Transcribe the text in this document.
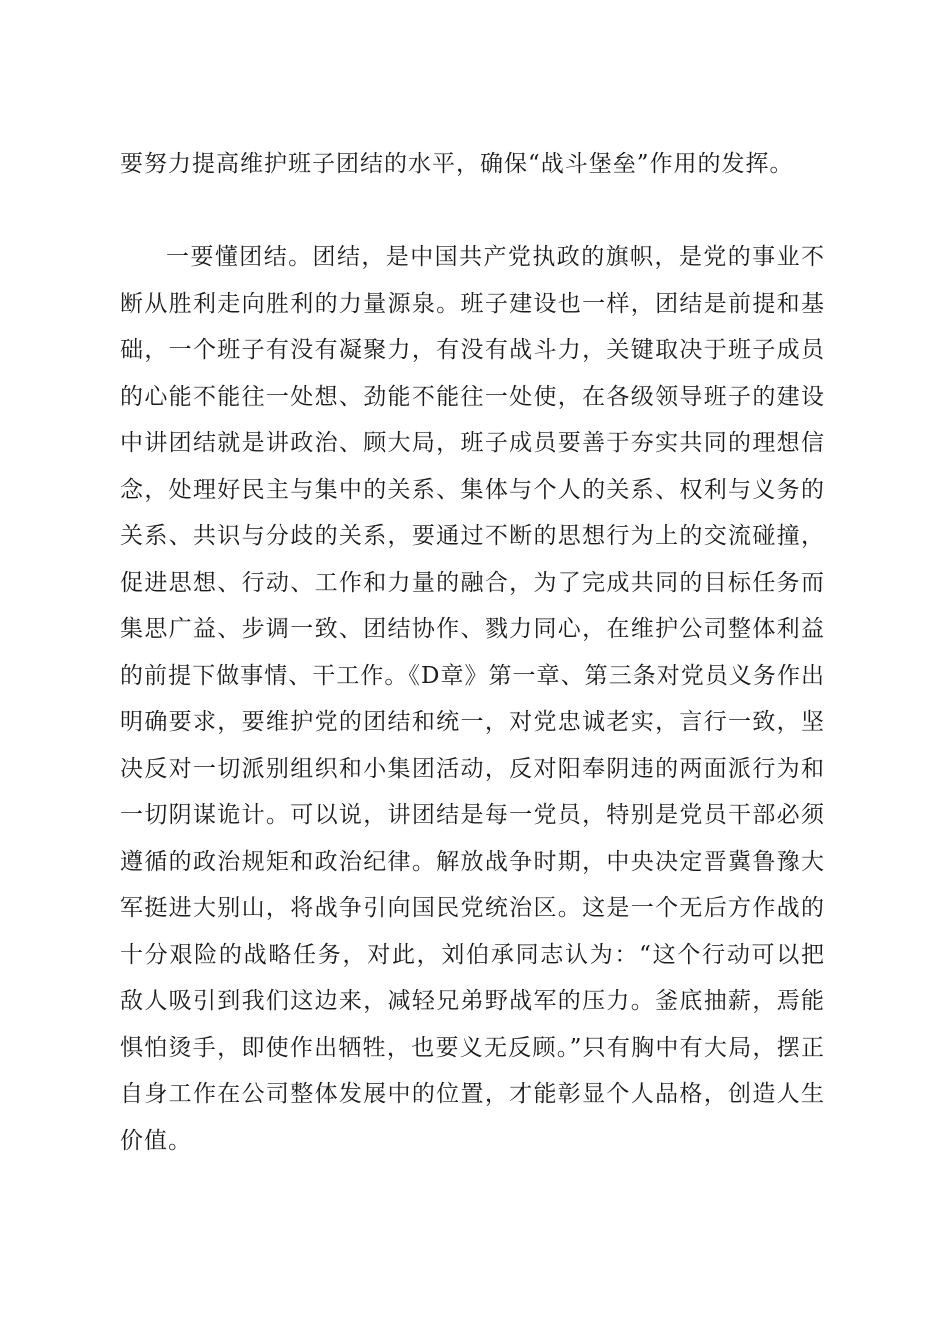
要努力提高维护班子团结的水平，确保“战斗堡垒”作用的发挥。

一要懂团结。团结，是中国共产党执政的旗帜，是党的事业不断从胜利走向胜利的力量源泉。班子建设也一样，团结是前提和基础，一个班子有没有凝聚力，有没有战斗力，关键取决于班子成员的心能不能往一处想、劲能不能往一处使，在各级领导班子的建设中讲团结就是讲政治、顾大局，班子成员要善于夯实共同的理想信念，处理好民主与集中的关系、集体与个人的关系、权利与义务的关系、共识与分歧的关系，要通过不断的思想行为上的交流碰撞，促进思想、行动、工作和力量的融合，为了完成共同的目标任务而集思广益、步调一致、团结协作、戮力同心，在维护公司整体利益的前提下做事情、干工作。《D章》第一章、第三条对党员义务作出明确要求，要维护党的团结和统一，对党忠诚老实，言行一致，坚决反对一切派别组织和小集团活动，反对阳奉阴违的两面派行为和一切阴谋诡计。可以说，讲团结是每一党员，特别是党员干部必须遵循的政治规矩和政治纪律。解放战争时期，中央决定晋冀鲁豫大军挺进大别山，将战争引向国民党统治区。这是一个无后方作战的十分艰险的战略任务，对此，刘伯承同志认为：“这个行动可以把敌人吸引到我们这边来，减轻兄弟野战军的压力。釜底抽薪，焉能惧怕烫手，即使作出牺牲，也要义无反顾。”只有胸中有大局，摆正自身工作在公司整体发展中的位置，才能彰显个人品格，创造人生价值。
